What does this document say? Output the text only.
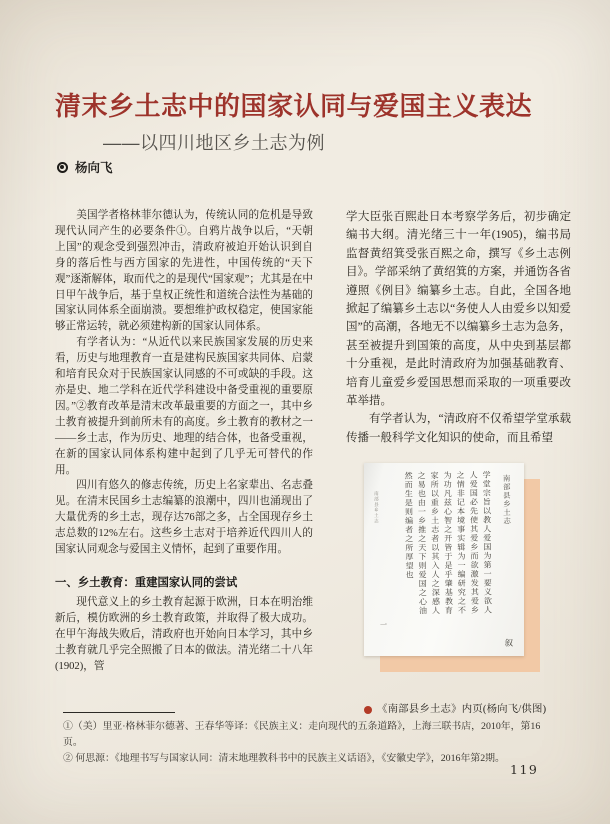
清末乡土志中的国家认同与爱国主义表达
——以四川地区乡土志为例
杨向飞

美国学者格林菲尔德认为，传统认同的危机是导致现代认同产生的必要条件①。自鸦片战争以后，“天朝上国”的观念受到强烈冲击，清政府被迫开始认识到自身的落后性与西方国家的先进性，中国传统的“天下观”逐渐解体，取而代之的是现代“国家观”；尤其是在中日甲午战争后，基于皇权正统性和道统合法性为基础的国家认同体系全面崩溃。要想维护政权稳定，使国家能够正常运转，就必须建构新的国家认同体系。

有学者认为：“从近代以来民族国家发展的历史来看，历史与地理教育一直是建构民族国家共同体、启蒙和培育民众对于民族国家认同感的不可或缺的手段。这亦是史、地二学科在近代学科建设中备受重视的重要原因。”②教育改革是清末改革最重要的方面之一，其中乡土教育被提升到前所未有的高度。乡土教育的教材之一——乡土志，作为历史、地理的结合体，也备受重视，在新的国家认同体系构建中起到了几乎无可替代的作用。

四川有悠久的修志传统，历史上名家辈出、名志叠见。在清末民国乡土志编纂的浪潮中，四川也涌现出了大量优秀的乡土志，现存达76部之多，占全国现存乡土志总数的12%左右。这些乡土志对于培养近代四川人的国家认同观念与爱国主义情怀，起到了重要作用。

一、乡土教育：重建国家认同的尝试

现代意义上的乡土教育起源于欧洲，日本在明治维新后，模仿欧洲的乡土教育政策，并取得了极大成功。在甲午海战失败后，清政府也开始向日本学习，其中乡土教育就几乎完全照搬了日本的做法。清光绪二十八年(1902)，管

学大臣张百熙赴日本考察学务后，初步确定编书大纲。清光绪三十一年(1905)，编书局监督黄绍箕受张百熙之命，撰写《乡土志例目》。学部采纳了黄绍箕的方案，并通饬各省遵照《例目》编纂乡土志。自此，全国各地掀起了编纂乡土志以“务使人人由爱乡以知爱国”的高潮，各地无不以编纂乡土志为急务，甚至被提升到国策的高度，从中央到基层都十分重视，是此时清政府为加强基础教育、培育儿童爱乡爱国思想而采取的一项重要改革举措。

有学者认为，“清政府不仅希望学堂承载传播一般科学文化知识的使命，而且希望

南部县乡土志 叙 学堂宗旨以教人爱国为第一要义欲人 人爱国必先使其爱乡而欲激发其爱乡 之情非记本境事实辑为一编研究之不 为功凡兹心智之开皆于是乎肇基教育 家所以重乡土志者以其入人之深感人 之易也由一乡推之天下则爱国之心油 然而生是则编者之所厚望也
南部县乡土志
一
《南部县乡土志》内页(杨向飞/供图)
①（美）里亚·格林菲尔德著、王春华等译：《民族主义：走向现代的五条道路》，上海三联书店，2010年，第16页。
② 何思源：《地理书写与国家认同：清末地理教科书中的民族主义话语》，《安徽史学》，2016年第2期。
119
